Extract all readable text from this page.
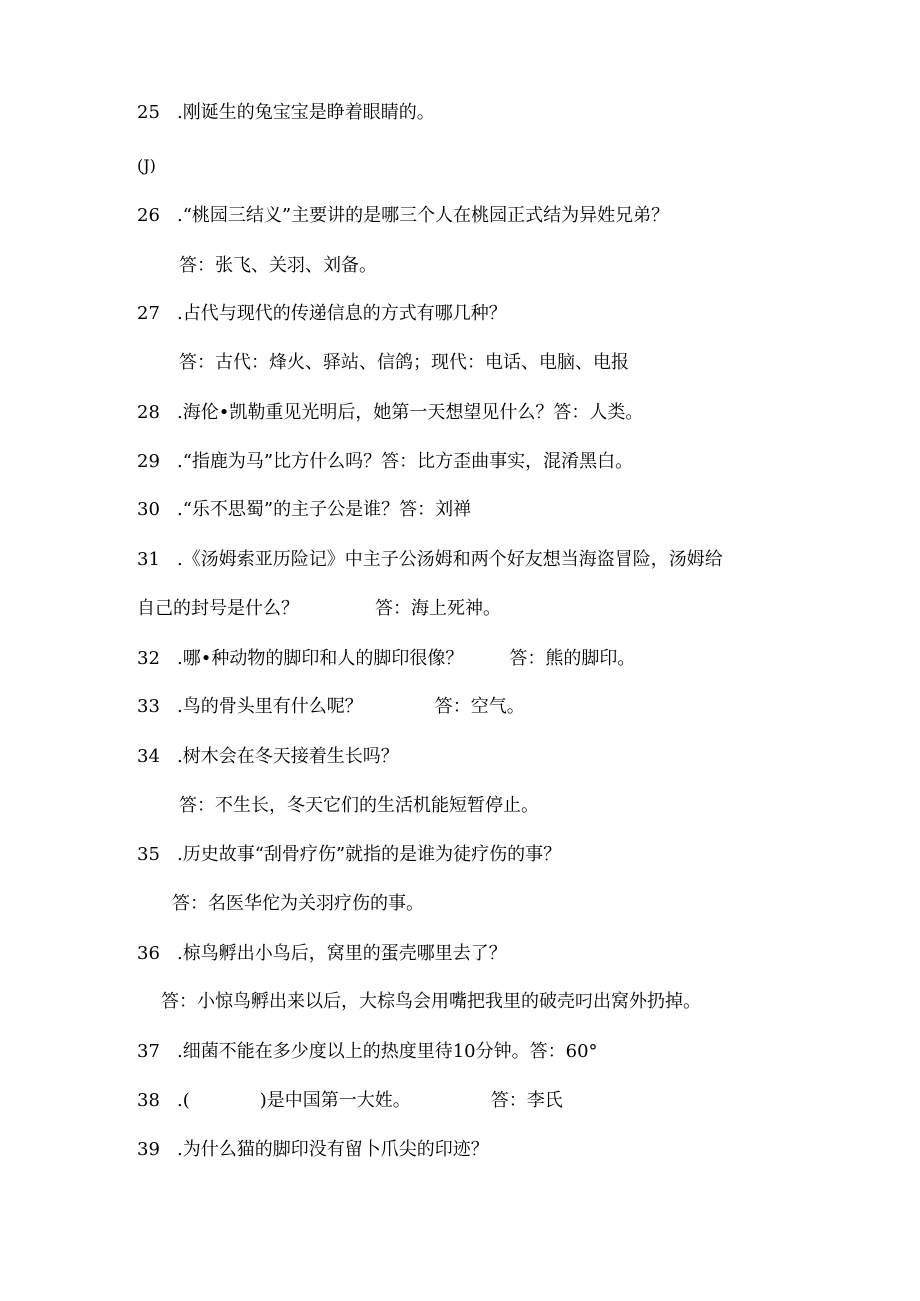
25 .刚诞生的兔宝宝是睁着眼睛的。
(J)
26 .“桃园三结义”主要讲的是哪三个人在桃园正式结为异姓兄弟？
答：张飞、关羽、刘备。
27 .占代与现代的传递信息的方式有哪几种？
答：古代：烽火、驿站、信鸽；现代：电话、电脑、电报
28 .海伦•凯勒重见光明后，她第一天想望见什么？答：人类。
29 .“指鹿为马”比方什么吗？答：比方歪曲事实，混淆黑白。
30 .“乐不思蜀”的主子公是谁？答：刘禅
31 .《汤姆索亚历险记》中主子公汤姆和两个好友想当海盗冒险，汤姆给
自己的封号是什么？	答：海上死神。
32 .哪•种动物的脚印和人的脚印很像？	答：熊的脚印。
33 .鸟的骨头里有什么呢？	答：空气。
34 .树木会在冬天接着生长吗？
答：不生长，冬天它们的生活机能短暂停止。
35 .历史故事“刮骨疗伤”就指的是谁为徒疗伤的事？
答：名医华佗为关羽疗伤的事。
36 .椋鸟孵出小鸟后，窝里的蛋壳哪里去了？
答：小惊鸟孵出来以后，大棕鸟会用嘴把我里的破壳叼出窝外扔掉。
37 .细菌不能在多少度以上的热度里待10分钟。答：60°
38 .(	)是中国第一大姓。	答：李氏
39 .为什么猫的脚印没有留卜爪尖的印迹？
